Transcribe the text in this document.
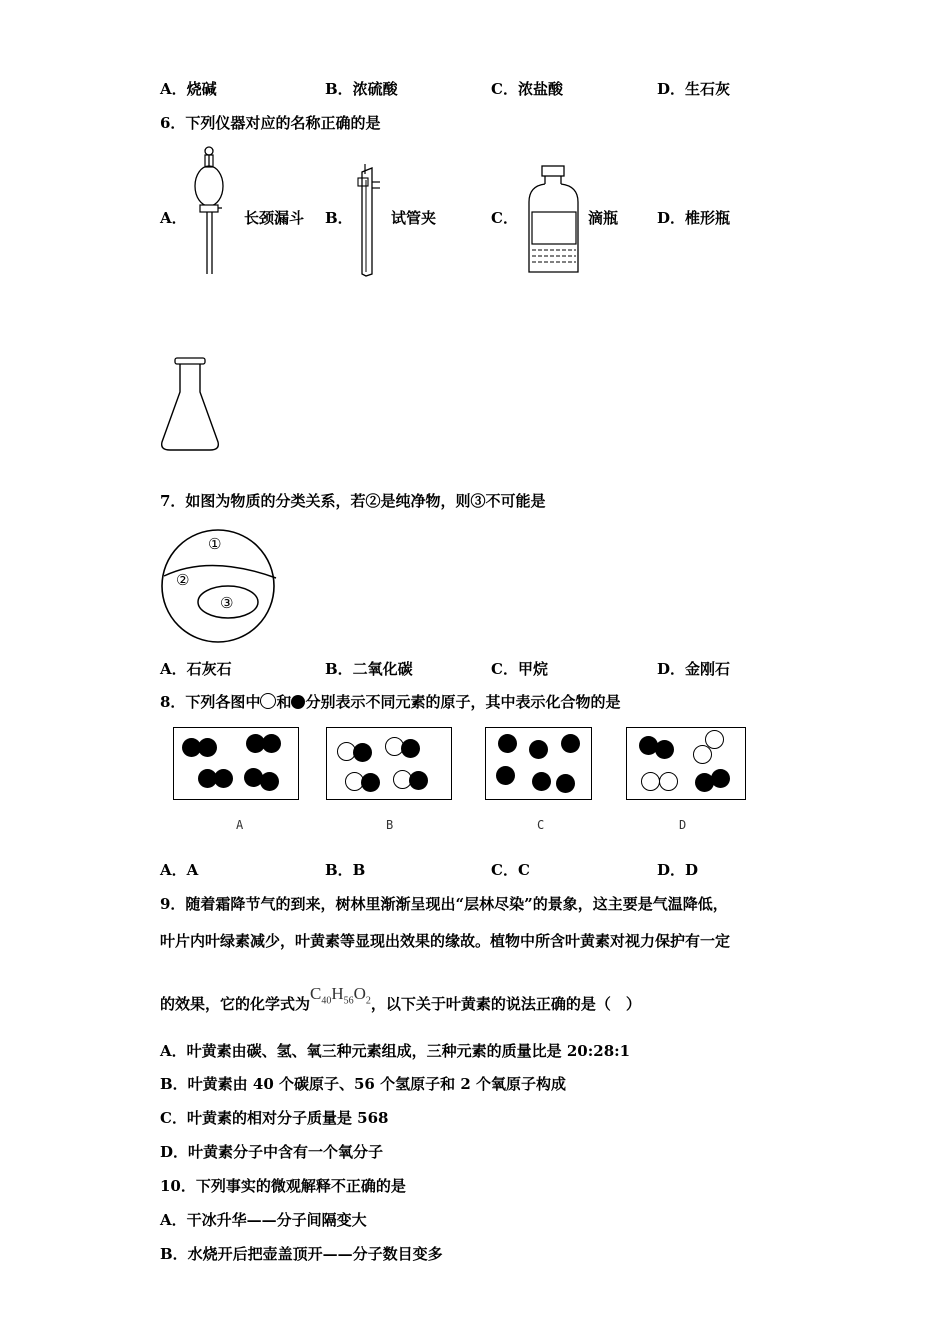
A．烧碱	B．浓硫酸	C．浓盐酸	D．生石灰
6．下列仪器对应的名称正确的是
A．	长颈漏斗 B．	试管夹	C．	滴瓶	D．椎形瓶
7．如图为物质的分类关系，若②是纯净物，则③不可能是
①
②
③
A．石灰石	B．二氧化碳	C．甲烷	D．金刚石
8．下列各图中 和 分别表示不同元素的原子，其中表示化合物的是
A	B	C	D
A．A	B．B	C．C	D．D
9．随着霜降节气的到来，树林里渐渐呈现出“层林尽染”的景象，这主要是气温降低，
叶片内叶绿素减少，叶黄素等显现出效果的缘故。植物中所含叶黄素对视力保护有一定
的效果，它的化学式为$C_{40}H_{56}O_2$，以下关于叶黄素的说法正确的是（　）
A．叶黄素由碳、氢、氧三种元素组成，三种元素的质量比是 20:28:1
B．叶黄素由 40 个碳原子、56 个氢原子和 2 个氧原子构成
C．叶黄素的相对分子质量是 568
D．叶黄素分子中含有一个氧分子
10．下列事实的微观解释不正确的是
A．干冰升华——分子间隔变大
B．水烧开后把壶盖顶开——分子数目变多
